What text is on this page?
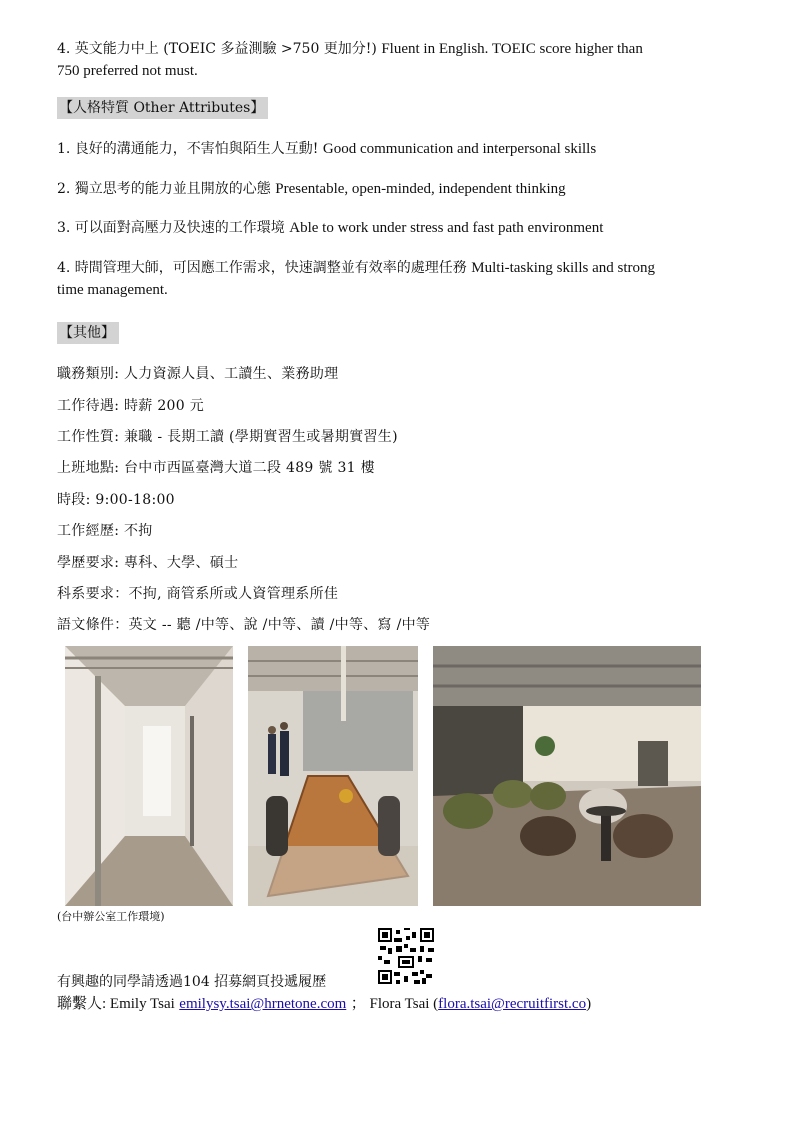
4. 英文能力中上 (TOEIC 多益測驗 >750 更加分!) Fluent in English. TOEIC score higher than

750 preferred not must.

【人格特質 Other Attributes】

1. 良好的溝通能力，不害怕與陌生人互動! Good communication and interpersonal skills

2. 獨立思考的能力並且開放的心態 Presentable, open-minded, independent thinking

3. 可以面對高壓力及快速的工作環境 Able to work under stress and fast path environment

4. 時間管理大師，可因應工作需求，快速調整並有效率的處理任務 Multi-tasking skills and strong

time management.

【其他】
職務類別: 人力資源人員、工讀生、業務助理
工作待遇: 時薪 200 元
工作性質: 兼職 - 長期工讀 (學期實習生或暑期實習生)
上班地點: 台中市西區臺灣大道二段 489 號 31 樓
時段: 9:00-18:00
工作經歷: 不拘
學歷要求: 專科、大學、碩士
科系要求：不拘, 商管系所或人資管理系所佳
語文條件：英文 -- 聽 /中等、說 /中等、讀 /中等、寫 /中等
(台中辦公室工作環境)
有興趣的同學請透過104 招募網頁投遞履歷
聯繫人: Emily Tsai emilysy.tsai@hrnetone.com ； Flora Tsai (flora.tsai@recruitfirst.co)
